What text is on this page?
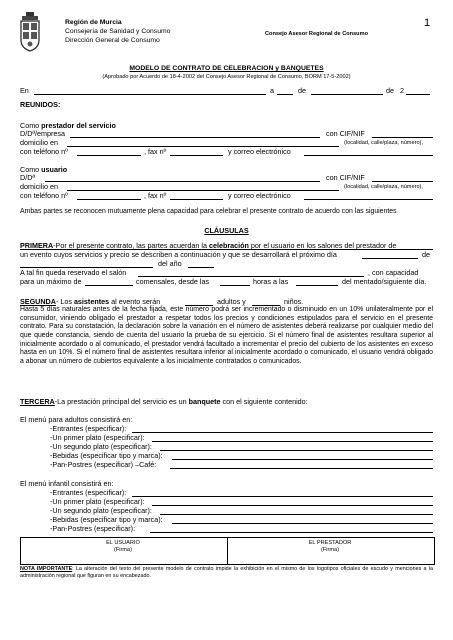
Región de Murcia
Consejería de Sanidad y Consumo
Dirección General de Consumo
Consejo Asesor Regional de Consumo
1
MODELO DE CONTRATO DE CELEBRACION y BANQUETES
(Aprobado por Acuerdo de 18-4-2002 del Consejo Asesor Regional de Consumo, BORM 17-5-2002)
En	a	de	de 2
REUNIDOS:
Como prestador del servicio
D/Dª/empresa	con CIF/NIF
domicilio en	(localidad, calle/plaza, número),
con teléfono nº	, fax nº	y correo electrónico
Como usuario
D/Dª	con CIF/NIF
domicilio en	(localidad, calle/plaza, número),
con teléfono nº	, fax nº	y correo electrónico
Ambas partes se reconocen mutuamente plena capacidad para celebrar el presente contrato de acuerdo con las siguientes
CLÁUSULAS
PRIMERA-Por el presente contrato, las partes acuerdan la celebración por el usuario en los salones del prestador de
un evento cuyos servicios y precio se describen a continuación y que se desarrollará el próximo día	de
del año
A tal fin queda reservado el salón	, con capacidad
para un máximo de	comensales, desde las	horas a las	del mentado/siguiente día.
SEGUNDA- Los asistentes al evento serán	adultos y	niños.
Hasta 5 días naturales antes de la fecha fijada, este número podrá ser incrementado o disminuido en un 10% unilateralmente por el consumidor, viniendo obligado el prestador a respetar todos los precios y condiciones estipulados para el servicio en el presente contrato. Para su constatación, la declaración sobre la variación en el número de asistentes deberá realizarse por cualquier medio del que quede constancia, siendo de cuenta del usuario la prueba de su ejercicio. Si el número final de asistentes resultara superior al inicialmente acordado o al comunicado, el prestador vendrá facultado a incrementar el precio del cubierto de los asistentes en exceso hasta en un 10%. Si el número final de asistentes resultara inferior al inicialmente acordado o comunicado, el usuario vendrá obligado a abonar un número de cubiertos equivalente a los inicialmente contratados o comunicados.
TERCERA-La prestación principal del servicio es un banquete con el siguiente contenido:
El menú para adultos consistirá en:
-Entrantes (especificar):
-Un primer plato (especificar):
-Un segundo plato (especificar):
-Bebidas (especificar tipo y marca):
-Pan-Postres (especificar) –Café:
El menú infantil consistirá en:
-Entrantes (especificar):
-Un primer plato (especificar):
-Un segundo plato (especificar):
-Bebidas (especificar tipo y marca):
-Pan-Postres (especificar):
EL USUARIO
(Firma)
EL PRESTADOR
(Firma)
NOTA IMPORTANTE: La alteración del texto del presente modelo de contrato impide la exhibición en el mismo de los logotipos oficiales de escudo y menciones a la administración regional que figuran en su encabezado.
